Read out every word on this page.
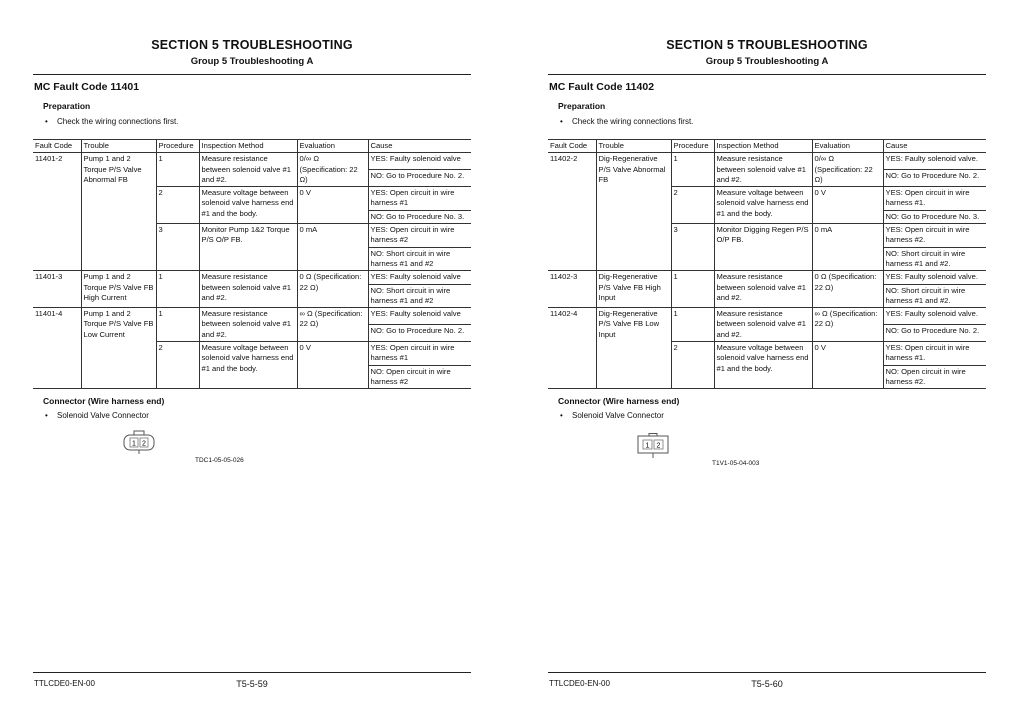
SECTION 5 TROUBLESHOOTING
Group 5 Troubleshooting A
MC Fault Code 11401
Preparation
• Check the wiring connections first.
Fault Code	Trouble	Procedure	Inspection Method	Evaluation	Cause
11401-2	Pump 1 and 2 Torque P/S Valve Abnormal FB	1	Measure resistance between solenoid valve #1 and #2.	0/∞ Ω (Specification: 22 Ω)	YES: Faulty solenoid valve
					NO: Go to Procedure No. 2.
		2	Measure voltage between solenoid valve harness end #1 and the body.	0 V	YES: Open circuit in wire harness #1
					NO: Go to Procedure No. 3.
		3	Monitor Pump 1&2 Torque P/S O/P FB.	0 mA	YES: Open circuit in wire harness #2
					NO: Short circuit in wire harness #1 and #2
11401-3	Pump 1 and 2 Torque P/S Valve FB High Current	1	Measure resistance between solenoid valve #1 and #2.	0 Ω (Specification: 22 Ω)	YES: Faulty solenoid valve
					NO: Short circuit in wire harness #1 and #2
11401-4	Pump 1 and 2 Torque P/S Valve FB Low Current	1	Measure resistance between solenoid valve #1 and #2.	∞ Ω (Specification: 22 Ω)	YES: Faulty solenoid valve
					NO: Go to Procedure No. 2.
		2	Measure voltage between solenoid valve harness end #1 and the body.	0 V	YES: Open circuit in wire harness #1
					NO: Open circuit in wire harness #2
Connector (Wire harness end)
• Solenoid Valve Connector
1 2
TDC1-05-05-026
TTLCDE0-EN-00	T5-5-59
SECTION 5 TROUBLESHOOTING
Group 5 Troubleshooting A
MC Fault Code 11402
Preparation
• Check the wiring connections first.
Fault Code	Trouble	Procedure	Inspection Method	Evaluation	Cause
11402-2	Dig-Regenerative P/S Valve Abnormal FB	1	Measure resistance between solenoid valve #1 and #2.	0/∞ Ω (Specification: 22 Ω)	YES: Faulty solenoid valve.
					NO: Go to Procedure No. 2.
		2	Measure voltage between solenoid valve harness end #1 and the body.	0 V	YES: Open circuit in wire harness #1.
					NO: Go to Procedure No. 3.
		3	Monitor Digging Regen P/S O/P FB.	0 mA	YES: Open circuit in wire harness #2.
					NO: Short circuit in wire harness #1 and #2.
11402-3	Dig-Regenerative P/S Valve FB High Input	1	Measure resistance between solenoid valve #1 and #2.	0 Ω (Specification: 22 Ω)	YES: Faulty solenoid valve.
					NO: Short circuit in wire harness #1 and #2.
11402-4	Dig-Regenerative P/S Valve FB Low Input	1	Measure resistance between solenoid valve #1 and #2.	∞ Ω (Specification: 22 Ω)	YES: Faulty solenoid valve.
					NO: Go to Procedure No. 2.
		2	Measure voltage between solenoid valve harness end #1 and the body.	0 V	YES: Open circuit in wire harness #1.
					NO: Open circuit in wire harness #2.
Connector (Wire harness end)
• Solenoid Valve Connector
1 2
T1V1-05-04-003
TTLCDE0-EN-00	T5-5-60
